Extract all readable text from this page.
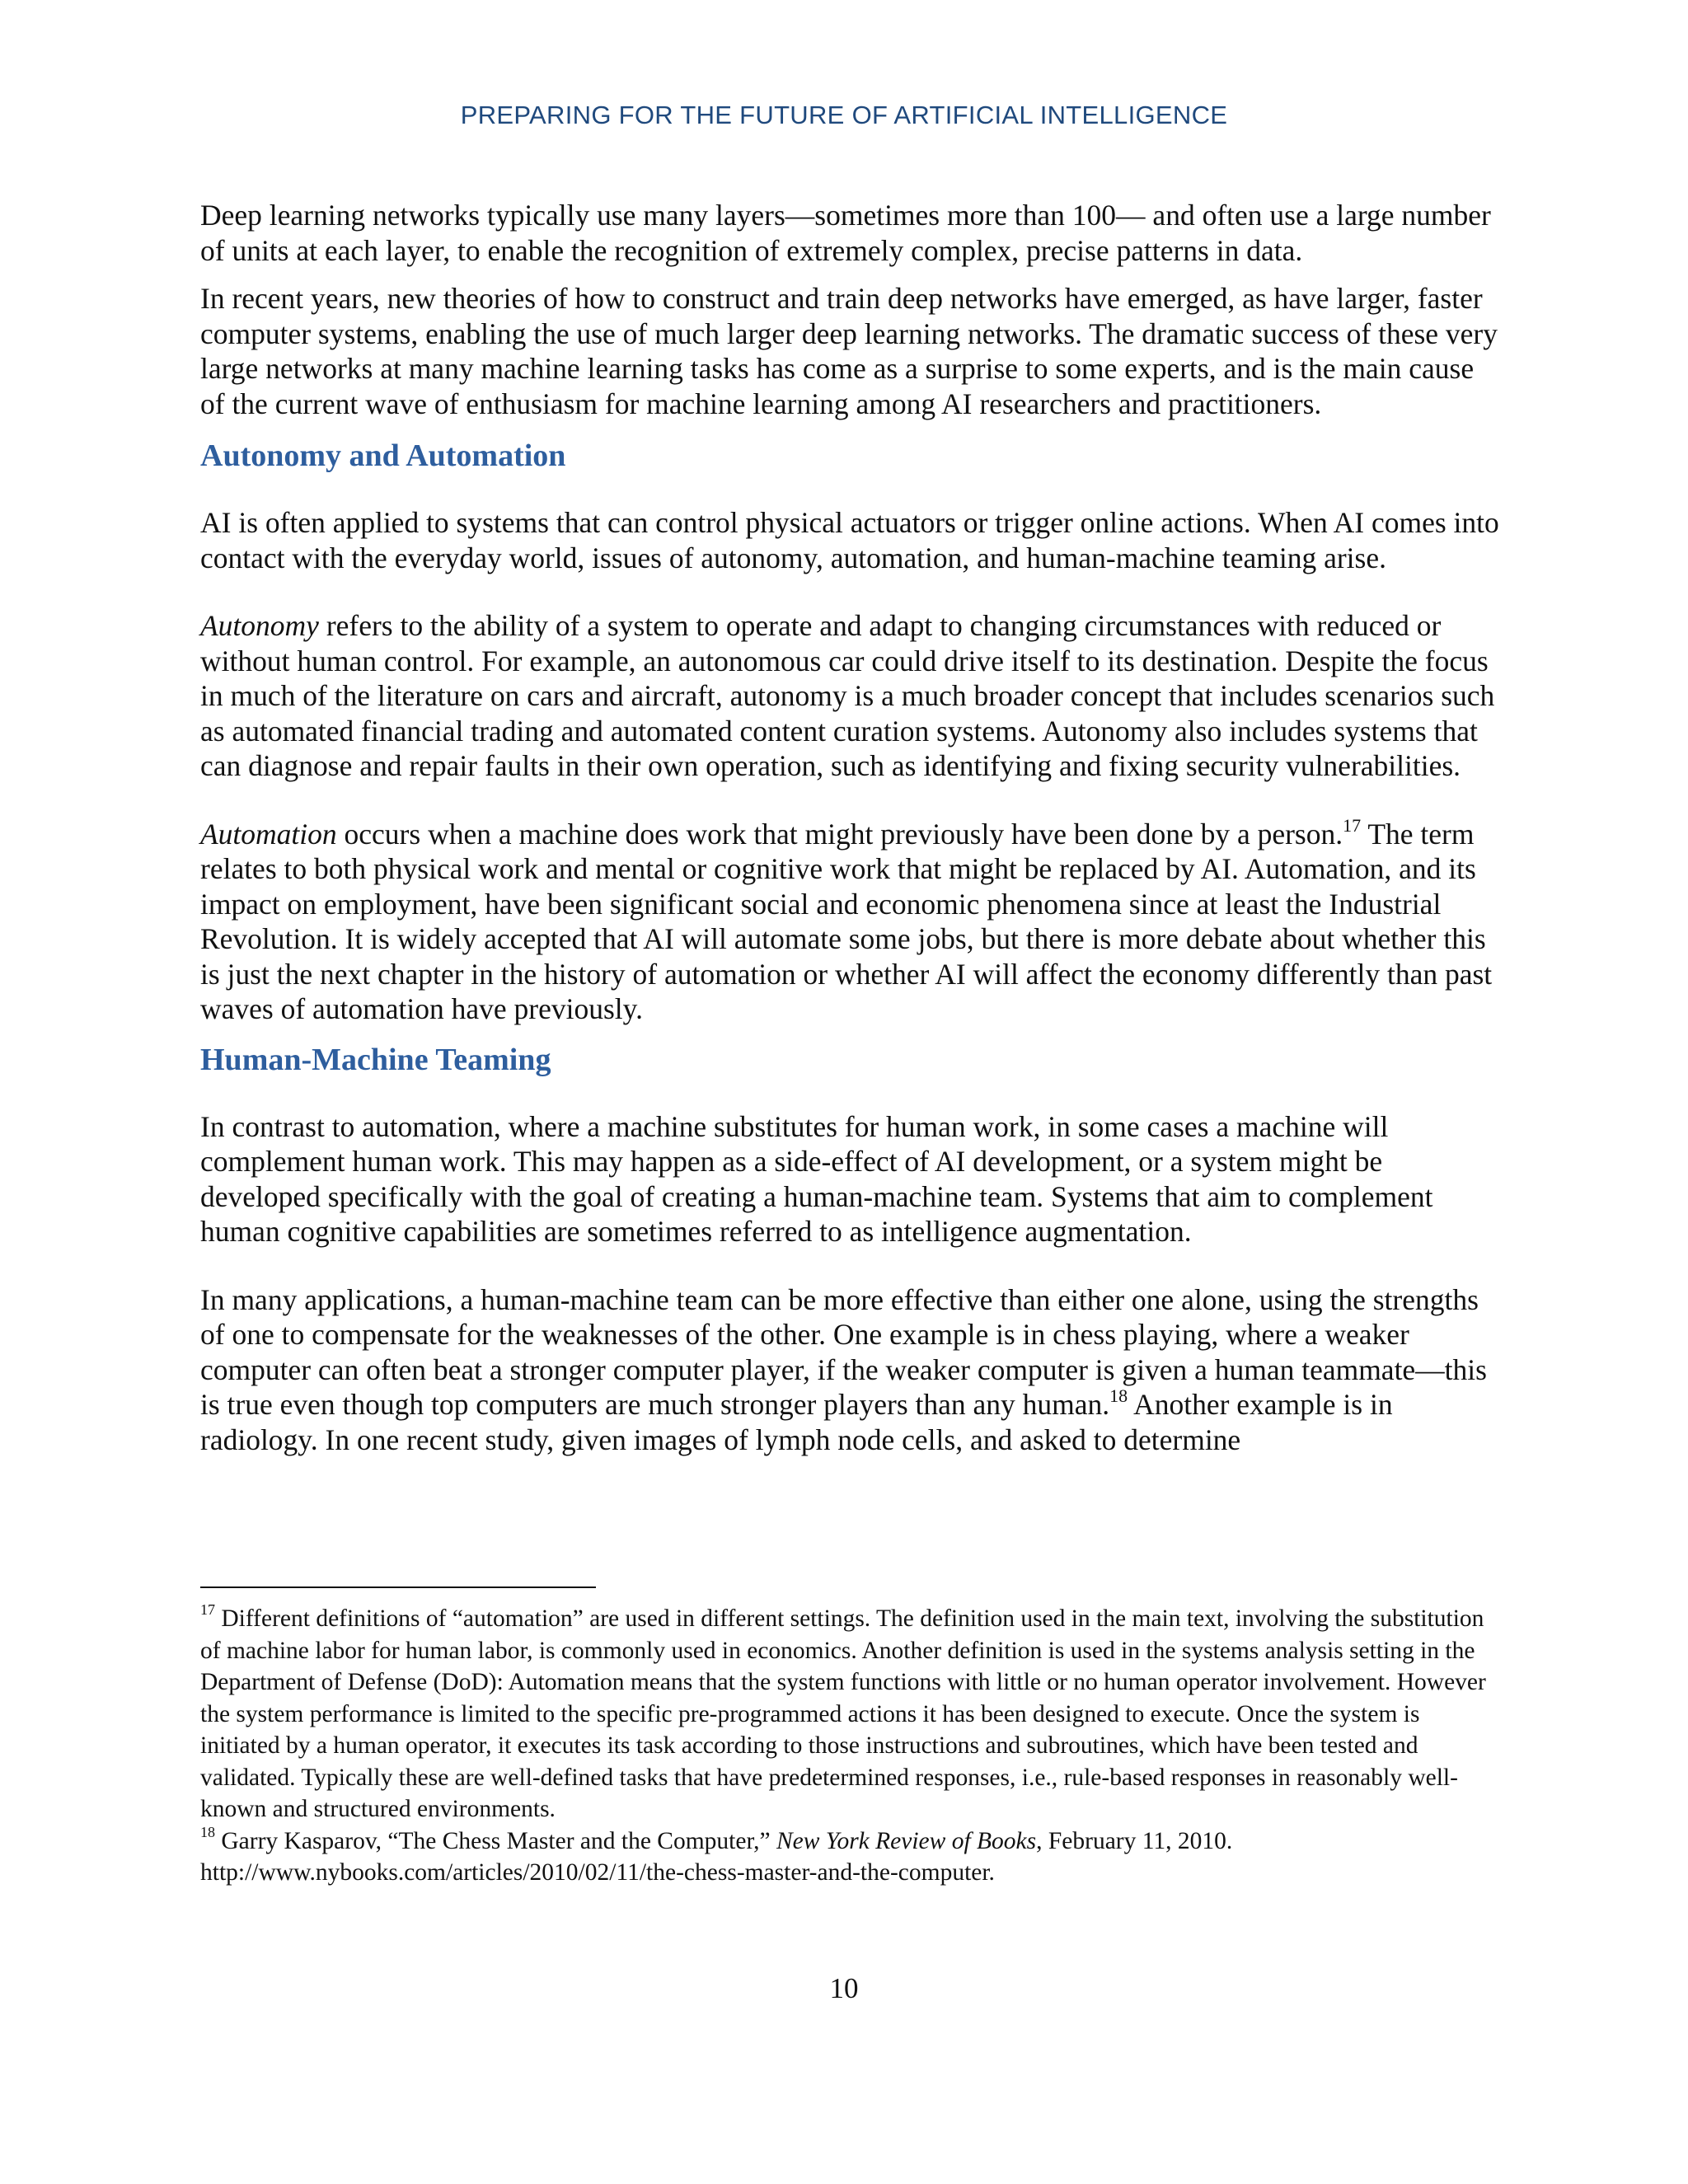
PREPARING FOR THE FUTURE OF ARTIFICIAL INTELLIGENCE

Deep learning networks typically use many layers—sometimes more than 100— and often use a large number of units at each layer, to enable the recognition of extremely complex, precise patterns in data.

In recent years, new theories of how to construct and train deep networks have emerged, as have larger, faster computer systems, enabling the use of much larger deep learning networks. The dramatic success of these very large networks at many machine learning tasks has come as a surprise to some experts, and is the main cause of the current wave of enthusiasm for machine learning among AI researchers and practitioners.

Autonomy and Automation

AI is often applied to systems that can control physical actuators or trigger online actions. When AI comes into contact with the everyday world, issues of autonomy, automation, and human-machine teaming arise.

Autonomy refers to the ability of a system to operate and adapt to changing circumstances with reduced or without human control. For example, an autonomous car could drive itself to its destination. Despite the focus in much of the literature on cars and aircraft, autonomy is a much broader concept that includes scenarios such as automated financial trading and automated content curation systems. Autonomy also includes systems that can diagnose and repair faults in their own operation, such as identifying and fixing security vulnerabilities.

Automation occurs when a machine does work that might previously have been done by a person.$^{17}$ The term relates to both physical work and mental or cognitive work that might be replaced by AI. Automation, and its impact on employment, have been significant social and economic phenomena since at least the Industrial Revolution. It is widely accepted that AI will automate some jobs, but there is more debate about whether this is just the next chapter in the history of automation or whether AI will affect the economy differently than past waves of automation have previously.

Human-Machine Teaming

In contrast to automation, where a machine substitutes for human work, in some cases a machine will complement human work. This may happen as a side-effect of AI development, or a system might be developed specifically with the goal of creating a human-machine team. Systems that aim to complement human cognitive capabilities are sometimes referred to as intelligence augmentation.

In many applications, a human-machine team can be more effective than either one alone, using the strengths of one to compensate for the weaknesses of the other. One example is in chess playing, where a weaker computer can often beat a stronger computer player, if the weaker computer is given a human teammate—this is true even though top computers are much stronger players than any human.$^{18}$ Another example is in radiology. In one recent study, given images of lymph node cells, and asked to determine

$^{17}$ Different definitions of “automation” are used in different settings. The definition used in the main text, involving the substitution of machine labor for human labor, is commonly used in economics. Another definition is used in the systems analysis setting in the Department of Defense (DoD): Automation means that the system functions with little or no human operator involvement. However the system performance is limited to the specific pre-programmed actions it has been designed to execute. Once the system is initiated by a human operator, it executes its task according to those instructions and subroutines, which have been tested and validated. Typically these are well-defined tasks that have predetermined responses, i.e., rule-based responses in reasonably well-known and structured environments.

$^{18}$ Garry Kasparov, “The Chess Master and the Computer,” New York Review of Books, February 11, 2010.
http://www.nybooks.com/articles/2010/02/11/the-chess-master-and-the-computer.

10
